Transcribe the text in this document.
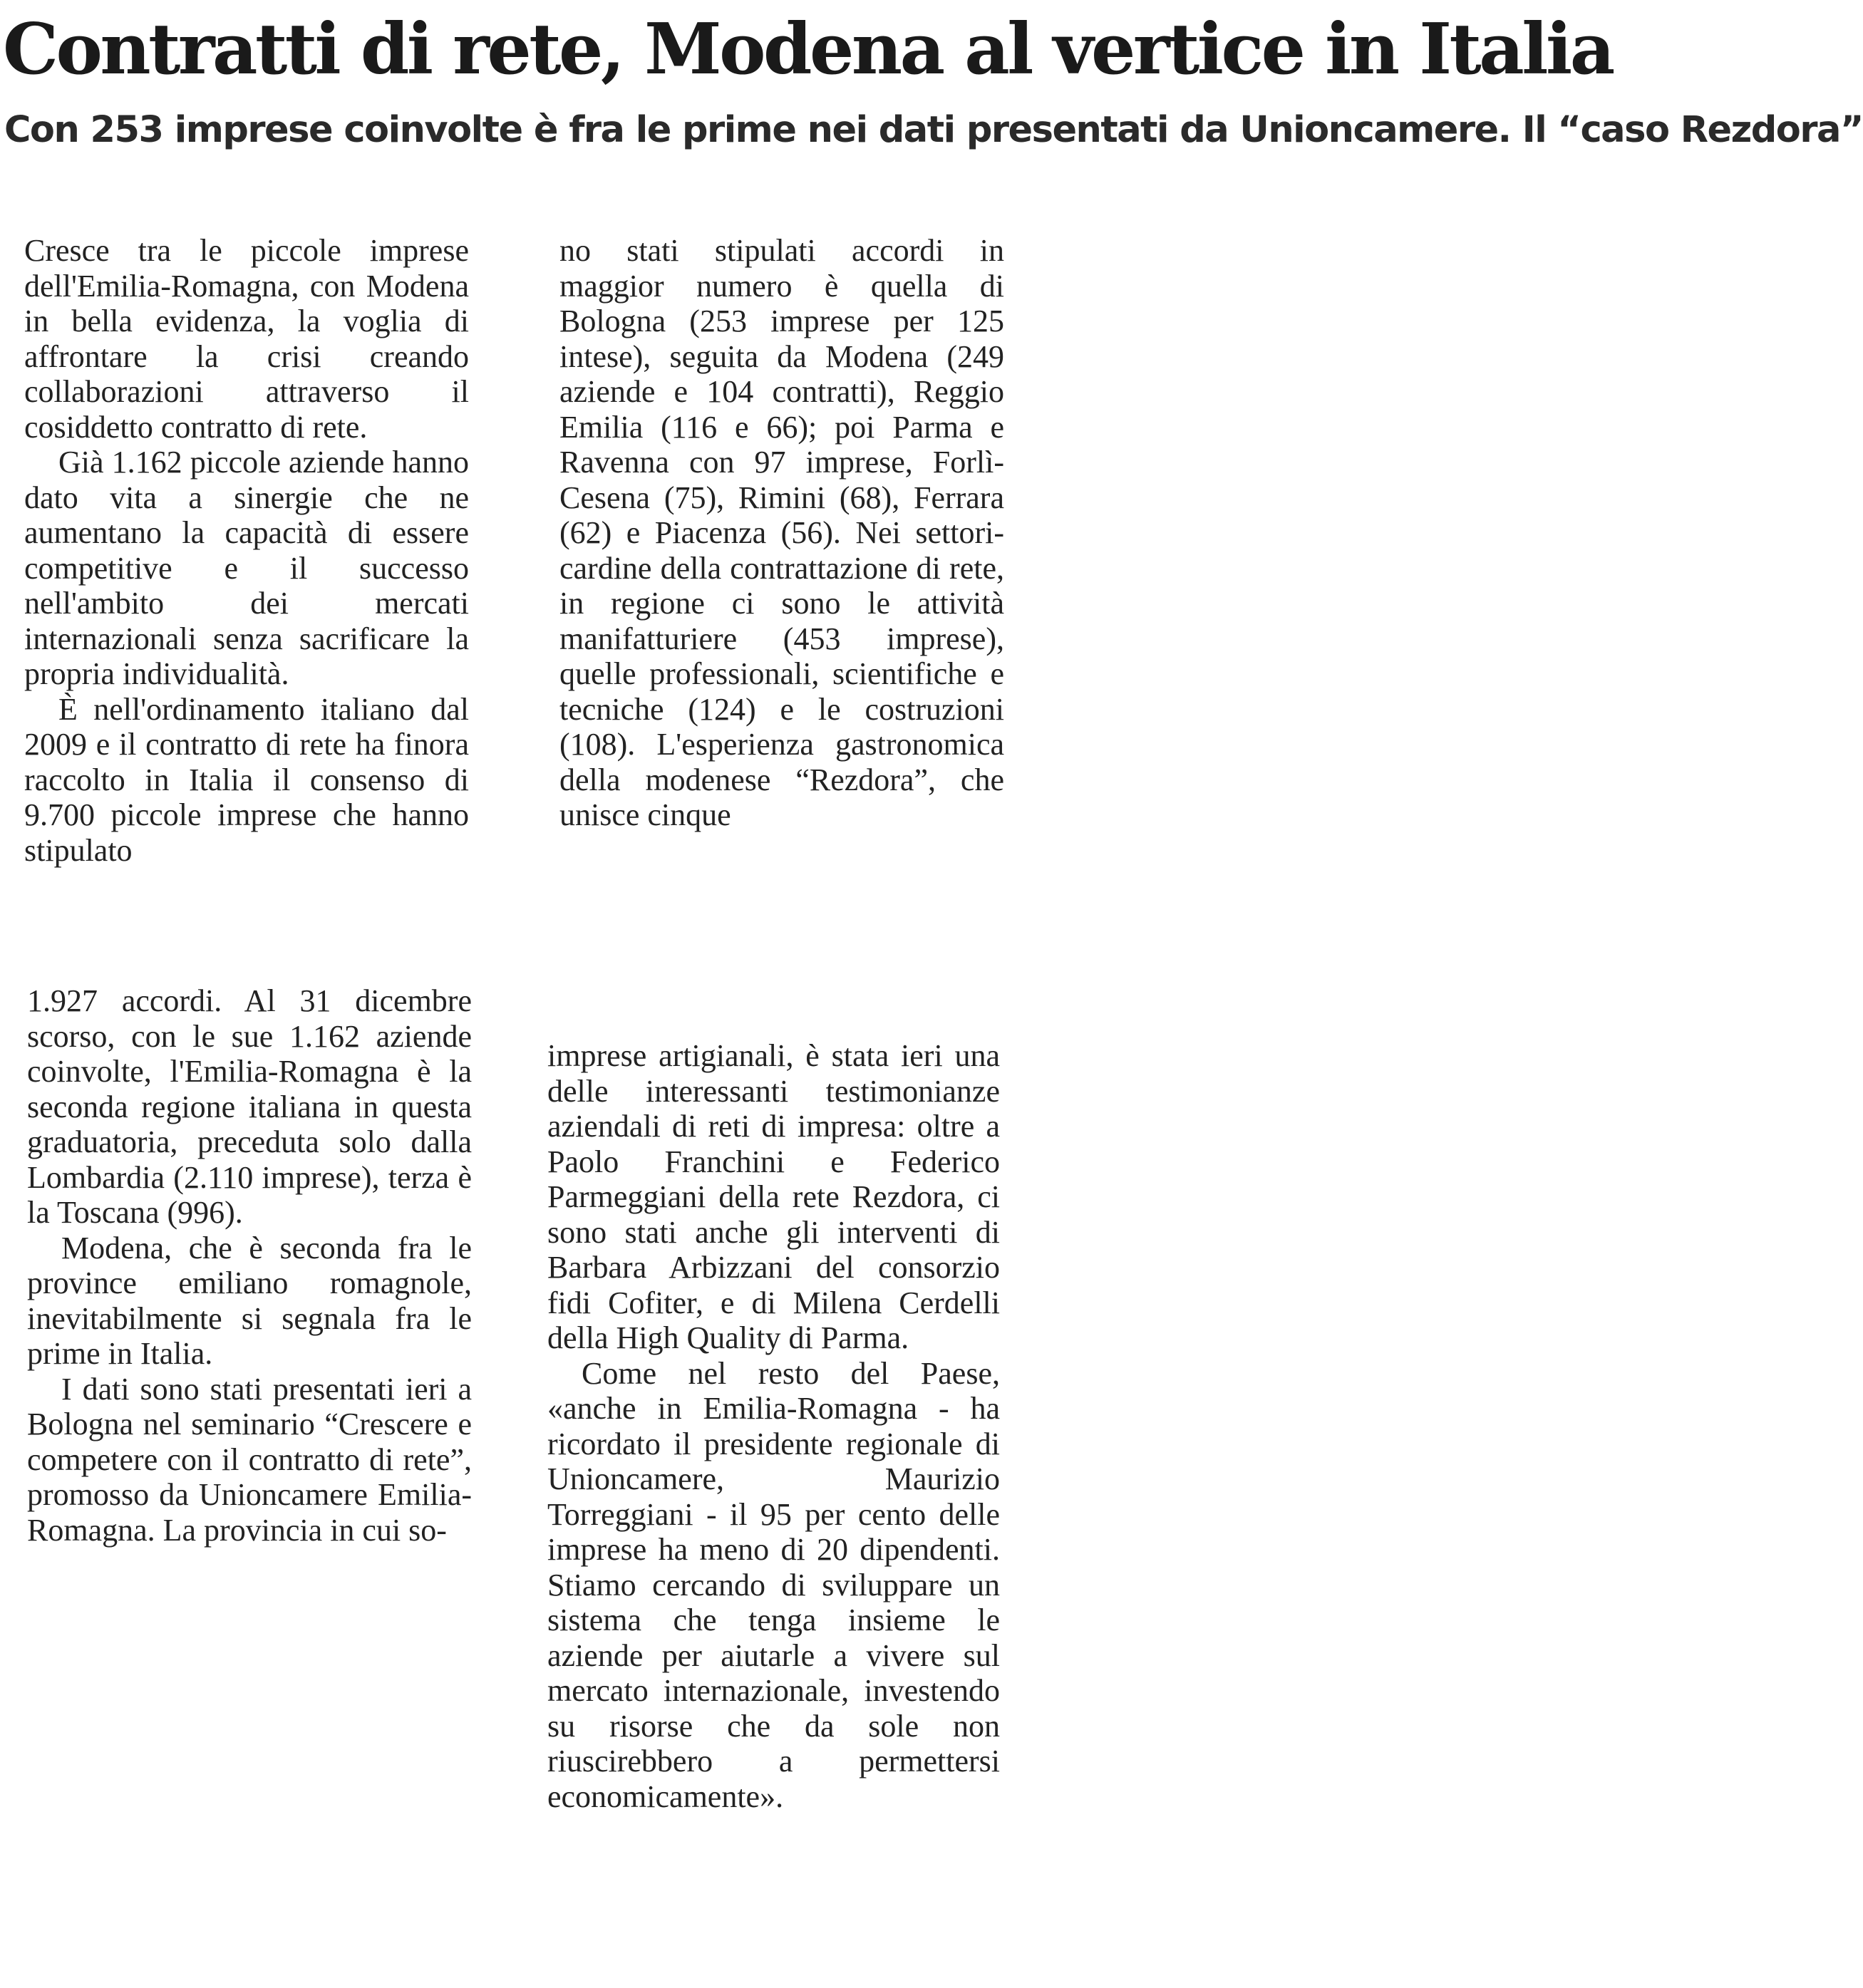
Contratti di rete, Modena al vertice in Italia
Con 253 imprese coinvolte è fra le prime nei dati presentati da Unioncamere. Il “caso Rezdora”

Cresce tra le piccole imprese dell'Emilia-Romagna, con Modena in bella evidenza, la voglia di affrontare la crisi creando collaborazioni attraverso il cosiddetto contratto di rete.

Già 1.162 piccole aziende hanno dato vita a sinergie che ne aumentano la capacità di essere competitive e il successo nell'ambito dei mercati internazionali senza sacrificare la propria individualità.

È nell'ordinamento italiano dal 2009 e il contratto di rete ha finora raccolto in Italia il consenso di 9.700 piccole imprese che hanno stipulato

no stati stipulati accordi in maggior numero è quella di Bologna (253 imprese per 125 intese), seguita da Modena (249 aziende e 104 contratti), Reggio Emilia (116 e 66); poi Parma e Ravenna con 97 imprese, Forlì-Cesena (75), Rimini (68), Ferrara (62) e Piacenza (56). Nei settori-cardine della contrattazione di rete, in regione ci sono le attività manifatturiere (453 imprese), quelle professionali, scientifiche e tecniche (124) e le costruzioni (108). L'esperienza gastronomica della modenese “Rezdora”, che unisce cinque

1.927 accordi. Al 31 dicembre scorso, con le sue 1.162 aziende coinvolte, l'Emilia-Romagna è la seconda regione italiana in questa graduatoria, preceduta solo dalla Lombardia (2.110 imprese), terza è la Toscana (996).

Modena, che è seconda fra le province emiliano romagnole, inevitabilmente si segnala fra le prime in Italia.

I dati sono stati presentati ieri a Bologna nel seminario “Crescere e competere con il contratto di rete”, promosso da Unioncamere Emilia-Romagna. La provincia in cui so-

imprese artigianali, è stata ieri una delle interessanti testimonianze aziendali di reti di impresa: oltre a Paolo Franchini e Federico Parmeggiani della rete Rezdora, ci sono stati anche gli interventi di Barbara Arbizzani del consorzio fidi Cofiter, e di Milena Cerdelli della High Quality di Parma.

Come nel resto del Paese, «anche in Emilia-Romagna - ha ricordato il presidente regionale di Unioncamere, Maurizio Torreggiani - il 95 per cento delle imprese ha meno di 20 dipendenti. Stiamo cercando di sviluppare un sistema che tenga insieme le aziende per aiutarle a vivere sul mercato internazionale, investendo su risorse che da sole non riuscirebbero a permettersi economicamente».
